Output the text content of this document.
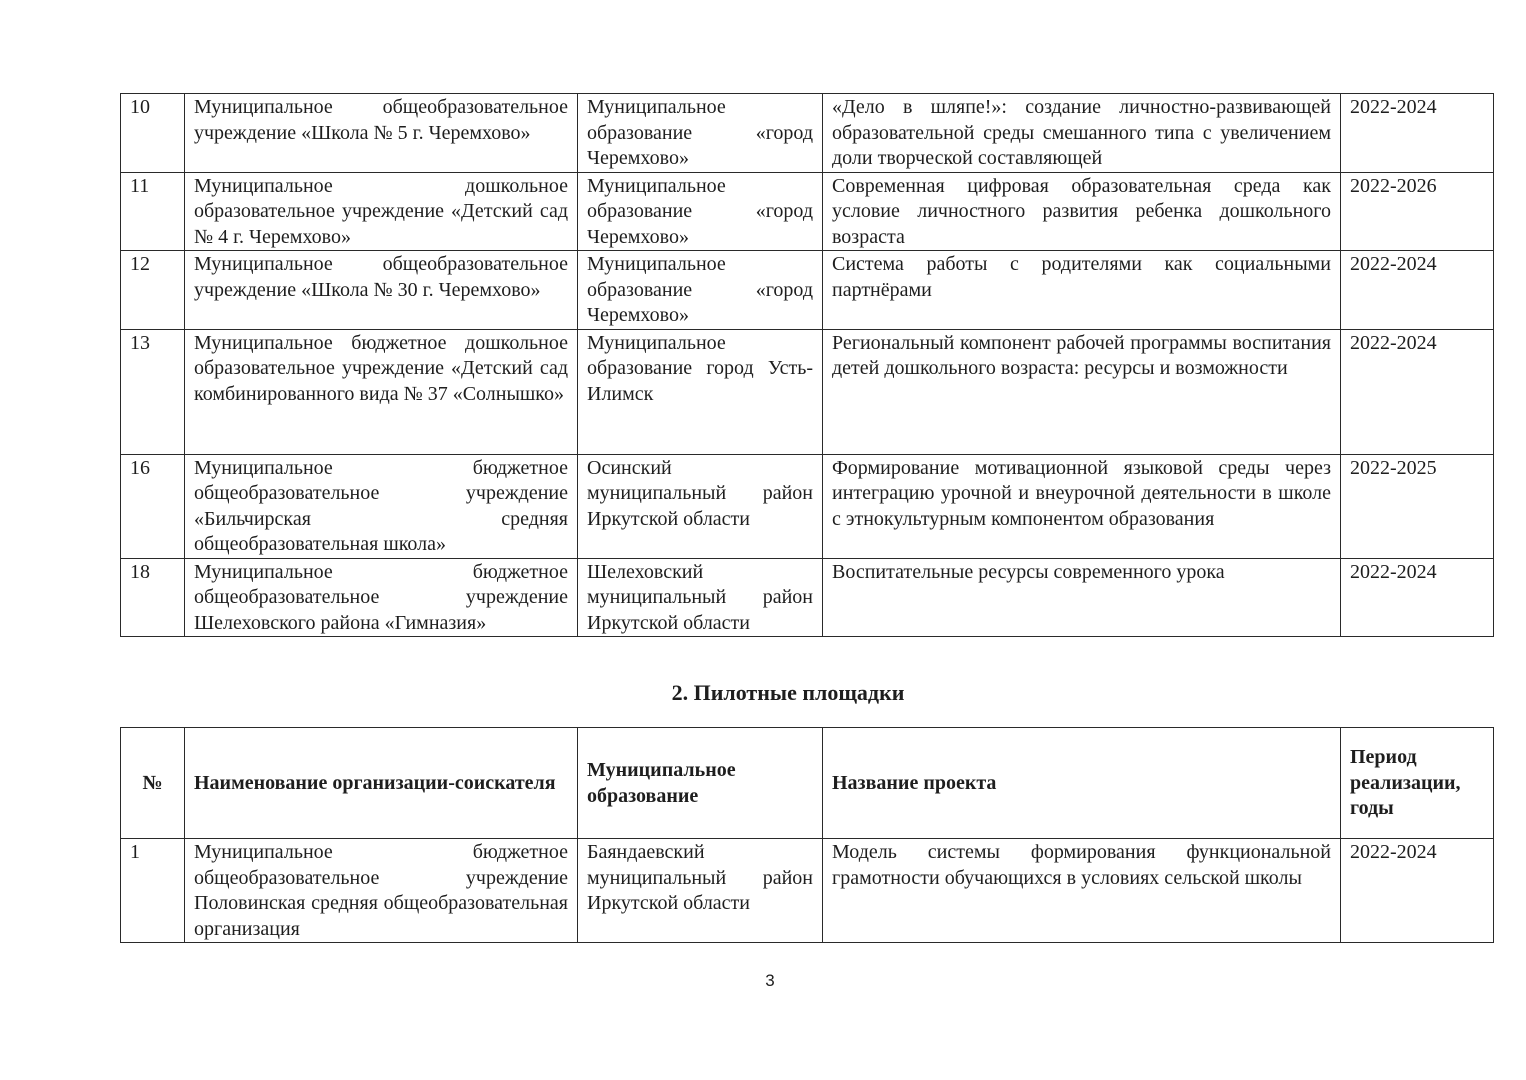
10	Муниципальное общеобразовательное учреждение «Школа № 5 г. Черемхово»	Муниципальное образование «город Черемхово»	«Дело в шляпе!»: создание личностно-развивающей образовательной среды смешанного типа с увеличением доли творческой составляющей	2022-2024
11	Муниципальное дошкольное образовательное учреждение «Детский сад № 4 г. Черемхово»	Муниципальное образование «город Черемхово»	Современная цифровая образовательная среда как условие личностного развития ребенка дошкольного возраста	2022-2026
12	Муниципальное общеобразовательное учреждение «Школа № 30 г. Черемхово»	Муниципальное образование «город Черемхово»	Система работы с родителями как социальными партнёрами	2022-2024
13	Муниципальное бюджетное дошкольное образовательное учреждение «Детский сад комбинированного вида № 37 «Солнышко»	Муниципальное образование город Усть-Илимск	Региональный компонент рабочей программы воспитания детей дошкольного возраста: ресурсы и возможности	2022-2024
16	Муниципальное бюджетное общеобразовательное учреждение «Бильчирская средняя общеобразовательная школа»	Осинский муниципальный район Иркутской области	Формирование мотивационной языковой среды через интеграцию урочной и внеурочной деятельности в школе с этнокультурным компонентом образования	2022-2025
18	Муниципальное бюджетное общеобразовательное учреждение Шелеховского района «Гимназия»	Шелеховский муниципальный район Иркутской области	Воспитательные ресурсы современного урока	2022-2024
2. Пилотные площадки
№	Наименование организации-соискателя	Муниципальное образование	Название проекта	Период реализации, годы
1	Муниципальное бюджетное общеобразовательное учреждение Половинская средняя общеобразовательная организация	Баяндаевский муниципальный район Иркутской области	Модель системы формирования функциональной грамотности обучающихся в условиях сельской школы	2022-2024
3
